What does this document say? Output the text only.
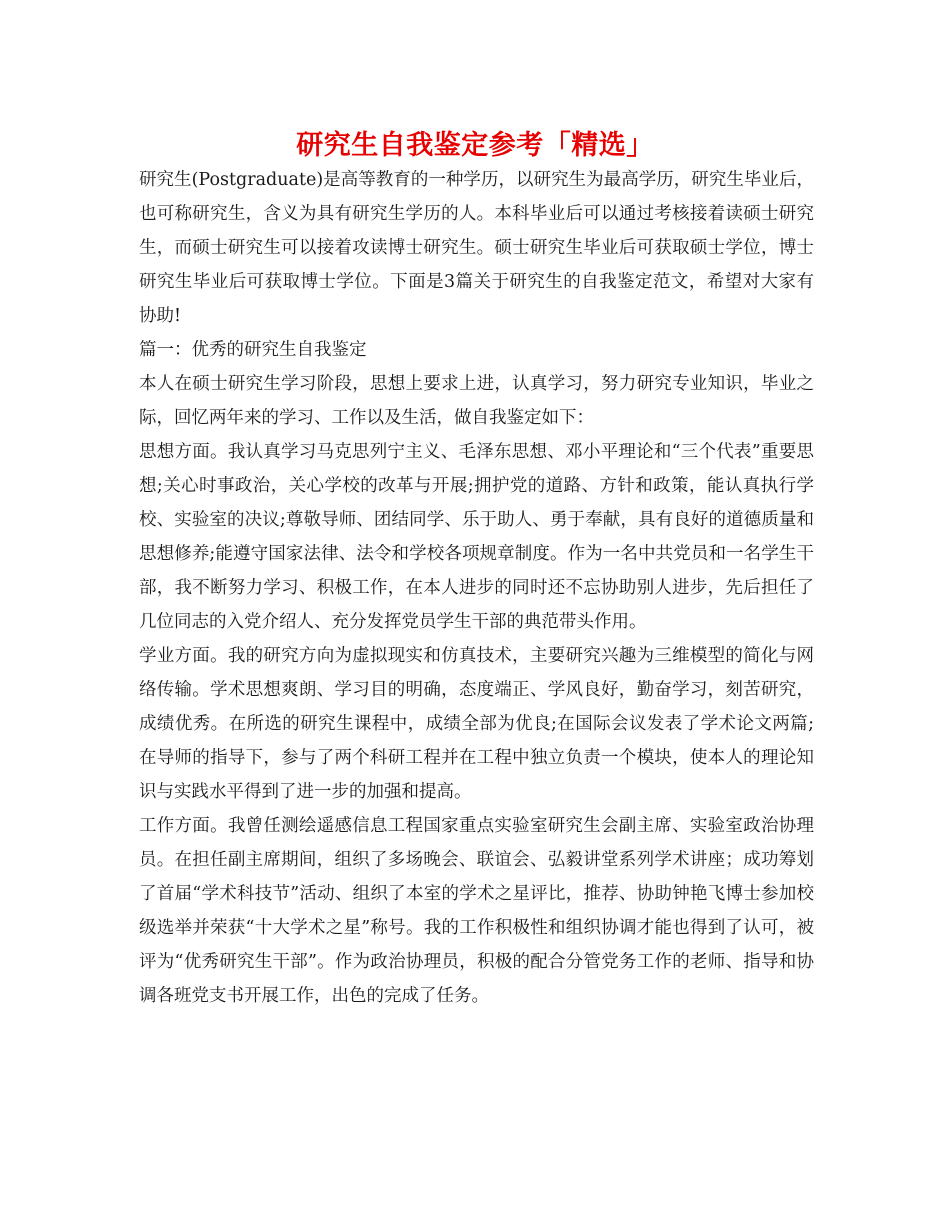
研究生自我鉴定参考「精选」

研究生(Postgraduate)是高等教育的一种学历，以研究生为最高学历，研究生毕业后，也可称研究生，含义为具有研究生学历的人。本科毕业后可以通过考核接着读硕士研究生，而硕士研究生可以接着攻读博士研究生。硕士研究生毕业后可获取硕士学位，博士研究生毕业后可获取博士学位。下面是3篇关于研究生的自我鉴定范文，希望对大家有协助!

篇一：优秀的研究生自我鉴定

本人在硕士研究生学习阶段，思想上要求上进，认真学习，努力研究专业知识，毕业之际，回忆两年来的学习、工作以及生活，做自我鉴定如下：

思想方面。我认真学习马克思列宁主义、毛泽东思想、邓小平理论和“三个代表”重要思想;关心时事政治，关心学校的改革与开展;拥护党的道路、方针和政策，能认真执行学校、实验室的决议;尊敬导师、团结同学、乐于助人、勇于奉献，具有良好的道德质量和思想修养;能遵守国家法律、法令和学校各项规章制度。作为一名中共党员和一名学生干部，我不断努力学习、积极工作，在本人进步的同时还不忘协助别人进步，先后担任了几位同志的入党介绍人、充分发挥党员学生干部的典范带头作用。

学业方面。我的研究方向为虚拟现实和仿真技术，主要研究兴趣为三维模型的简化与网络传输。学术思想爽朗、学习目的明确，态度端正、学风良好，勤奋学习，刻苦研究，成绩优秀。在所选的研究生课程中，成绩全部为优良;在国际会议发表了学术论文两篇;在导师的指导下，参与了两个科研工程并在工程中独立负责一个模块，使本人的理论知识与实践水平得到了进一步的加强和提高。

工作方面。我曾任测绘遥感信息工程国家重点实验室研究生会副主席、实验室政治协理员。在担任副主席期间，组织了多场晚会、联谊会、弘毅讲堂系列学术讲座；成功筹划了首届“学术科技节”活动、组织了本室的学术之星评比，推荐、协助钟艳飞博士参加校级选举并荣获“十大学术之星”称号。我的工作积极性和组织协调才能也得到了认可，被评为“优秀研究生干部”。作为政治协理员，积极的配合分管党务工作的老师、指导和协调各班党支书开展工作，出色的完成了任务。
